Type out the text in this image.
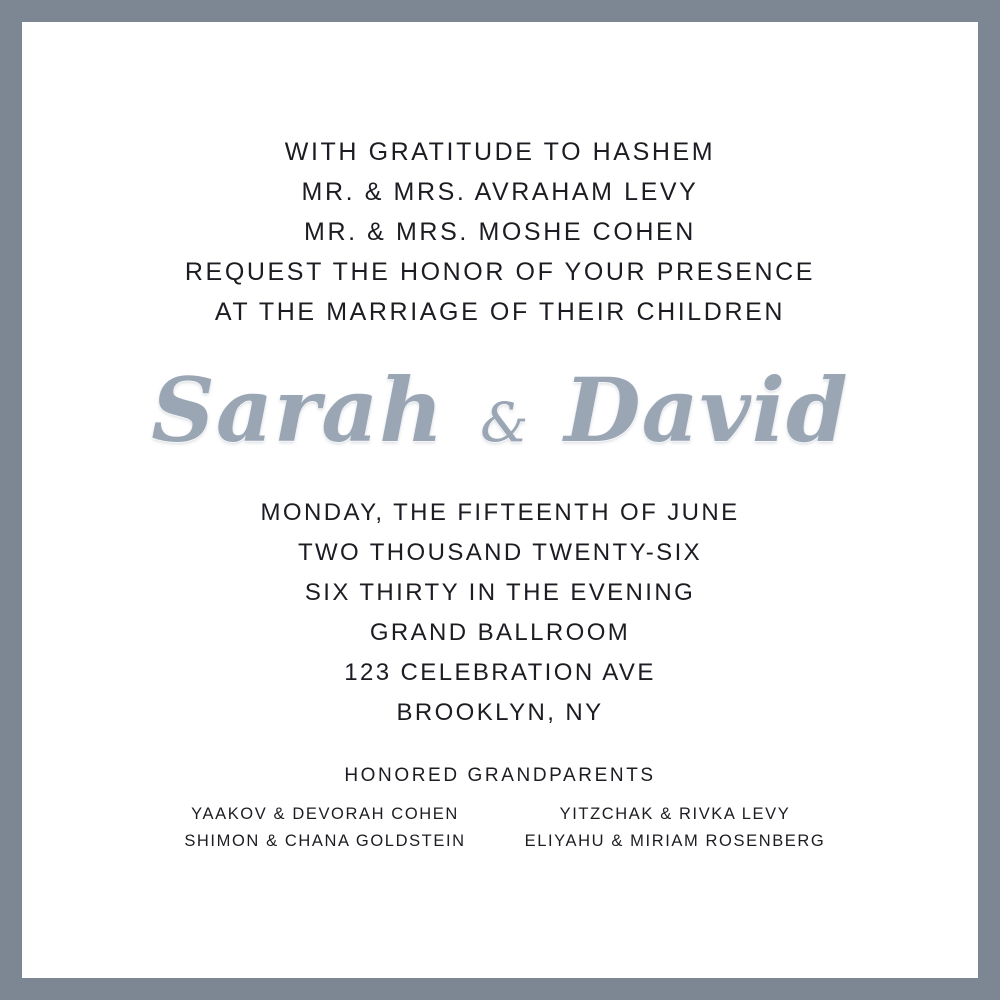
WITH GRATITUDE TO HASHEM
MR. & MRS. AVRAHAM LEVY
MR. & MRS. MOSHE COHEN
REQUEST THE HONOR OF YOUR PRESENCE
AT THE MARRIAGE OF THEIR CHILDREN
Sarah & David
MONDAY, THE FIFTEENTH OF JUNE
TWO THOUSAND TWENTY-SIX
SIX THIRTY IN THE EVENING
GRAND BALLROOM
123 CELEBRATION AVE
BROOKLYN, NY
HONORED GRANDPARENTS
YAAKOV & DEVORAH COHEN	YITZCHAK & RIVKA LEVY
SHIMON & CHANA GOLDSTEIN	ELIYAHU & MIRIAM ROSENBERG
